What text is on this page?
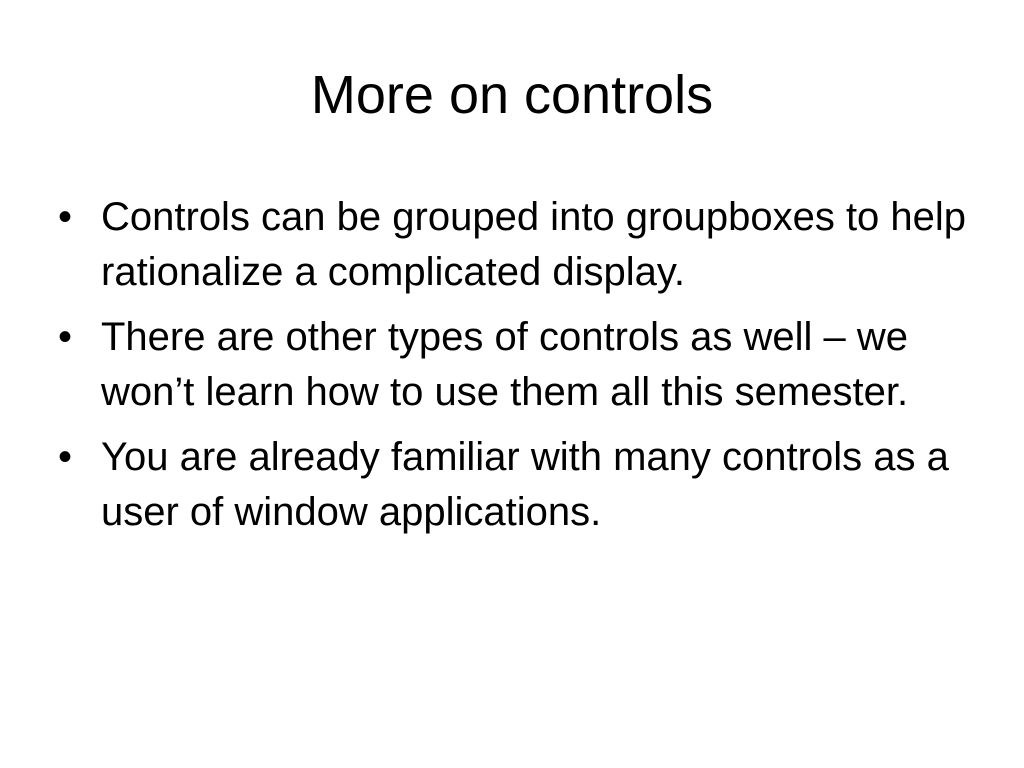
More on controls
• Controls can be grouped into groupboxes to help rationalize a complicated display.
• There are other types of controls as well – we won’t learn how to use them all this semester.
• You are already familiar with many controls as a user of window applications.
